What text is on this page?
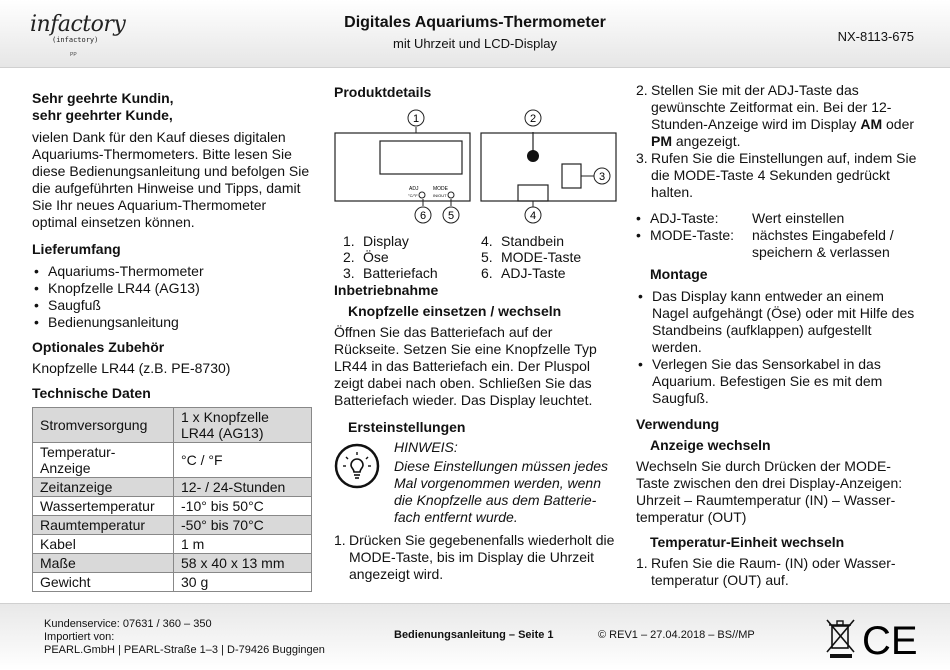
infactory
(infactory)
PP
Digitales Aquariums-Thermometer
mit Uhrzeit und LCD-Display	NX-8113-675
Sehr geehrte Kundin,
sehr geehrter Kunde,

vielen Dank für den Kauf dieses digitalen Aquariums-Thermometers. Bitte lesen Sie diese Bedienungsanleitung und befolgen Sie die aufgeführten Hinweise und Tipps, damit Sie Ihr neues Aquarium-Thermometer optimal einsetzen können.

Lieferumfang
• Aquariums-Thermometer
• Knopfzelle LR44 (AG13)
• Saugfuß
• Bedienungsanleitung
Optionales Zubehör

Knopfzelle LR44 (z.B. PE-8730)

Technische Daten
Stromversorgung	1 x Knopfzelle LR44 (AG13)
Temperatur-Anzeige	°C / °F
Zeitanzeige	12- / 24-Stunden
Wassertemperatur	-10° bis 50°C
Raumtemperatur	-50° bis 70°C
Kabel	1 m
Maße	58 x 40 x 13 mm
Gewicht	30 g
Produktdetails
ADJ
°C/°F
MODE
IN/OUT
1	2
3
6 5	4
1. Display	4. Standbein
2. Öse	5. MODE-Taste
3. Batteriefach	6. ADJ-Taste
Inbetriebnahme
Knopfzelle einsetzen / wechseln

Öffnen Sie das Batteriefach auf der Rückseite. Setzen Sie eine Knopfzelle Typ LR44 in das Batteriefach ein. Der Pluspol zeigt dabei nach oben. Schließen Sie das Batteriefach wieder. Das Display leuchtet.

Ersteinstellungen

HINWEIS:

Diese Einstellungen müssen jedes Mal vorgenommen werden, wenn die Knopfzelle aus dem Batterie-fach entfernt wurde.

1. Drücken Sie gegebenenfalls wiederholt die MODE-Taste, bis im Display die Uhrzeit angezeigt wird.
2. Stellen Sie mit der ADJ-Taste das gewünschte Zeitformat ein. Bei der 12-Stunden-Anzeige wird im Display AM oder PM angezeigt.
3. Rufen Sie die Einstellungen auf, indem Sie die MODE-Taste 4 Sekunden gedrückt halten.
• ADJ-Taste:	Wert einstellen
• MODE-Taste:	nächstes Eingabefeld / speichern & verlassen
Montage
• Das Display kann entweder an einem Nagel aufgehängt (Öse) oder mit Hilfe des Standbeins (aufklappen) aufgestellt werden.
• Verlegen Sie das Sensorkabel in das Aquarium. Befestigen Sie es mit dem Saugfuß.
Verwendung
Anzeige wechseln

Wechseln Sie durch Drücken der MODE-Taste zwischen den drei Display-Anzeigen: Uhrzeit – Raumtemperatur (IN) – Wasser-temperatur (OUT)

Temperatur-Einheit wechseln
1. Rufen Sie die Raum- (IN) oder Wasser-temperatur (OUT) auf.
Kundenservice: 07631 / 360 – 350
Importiert von:
PEARL.GmbH | PEARL-Straße 1–3 | D-79426 Buggingen
Bedienungsanleitung – Seite 1	© REV1 – 27.04.2018 – BS//MP	CE
